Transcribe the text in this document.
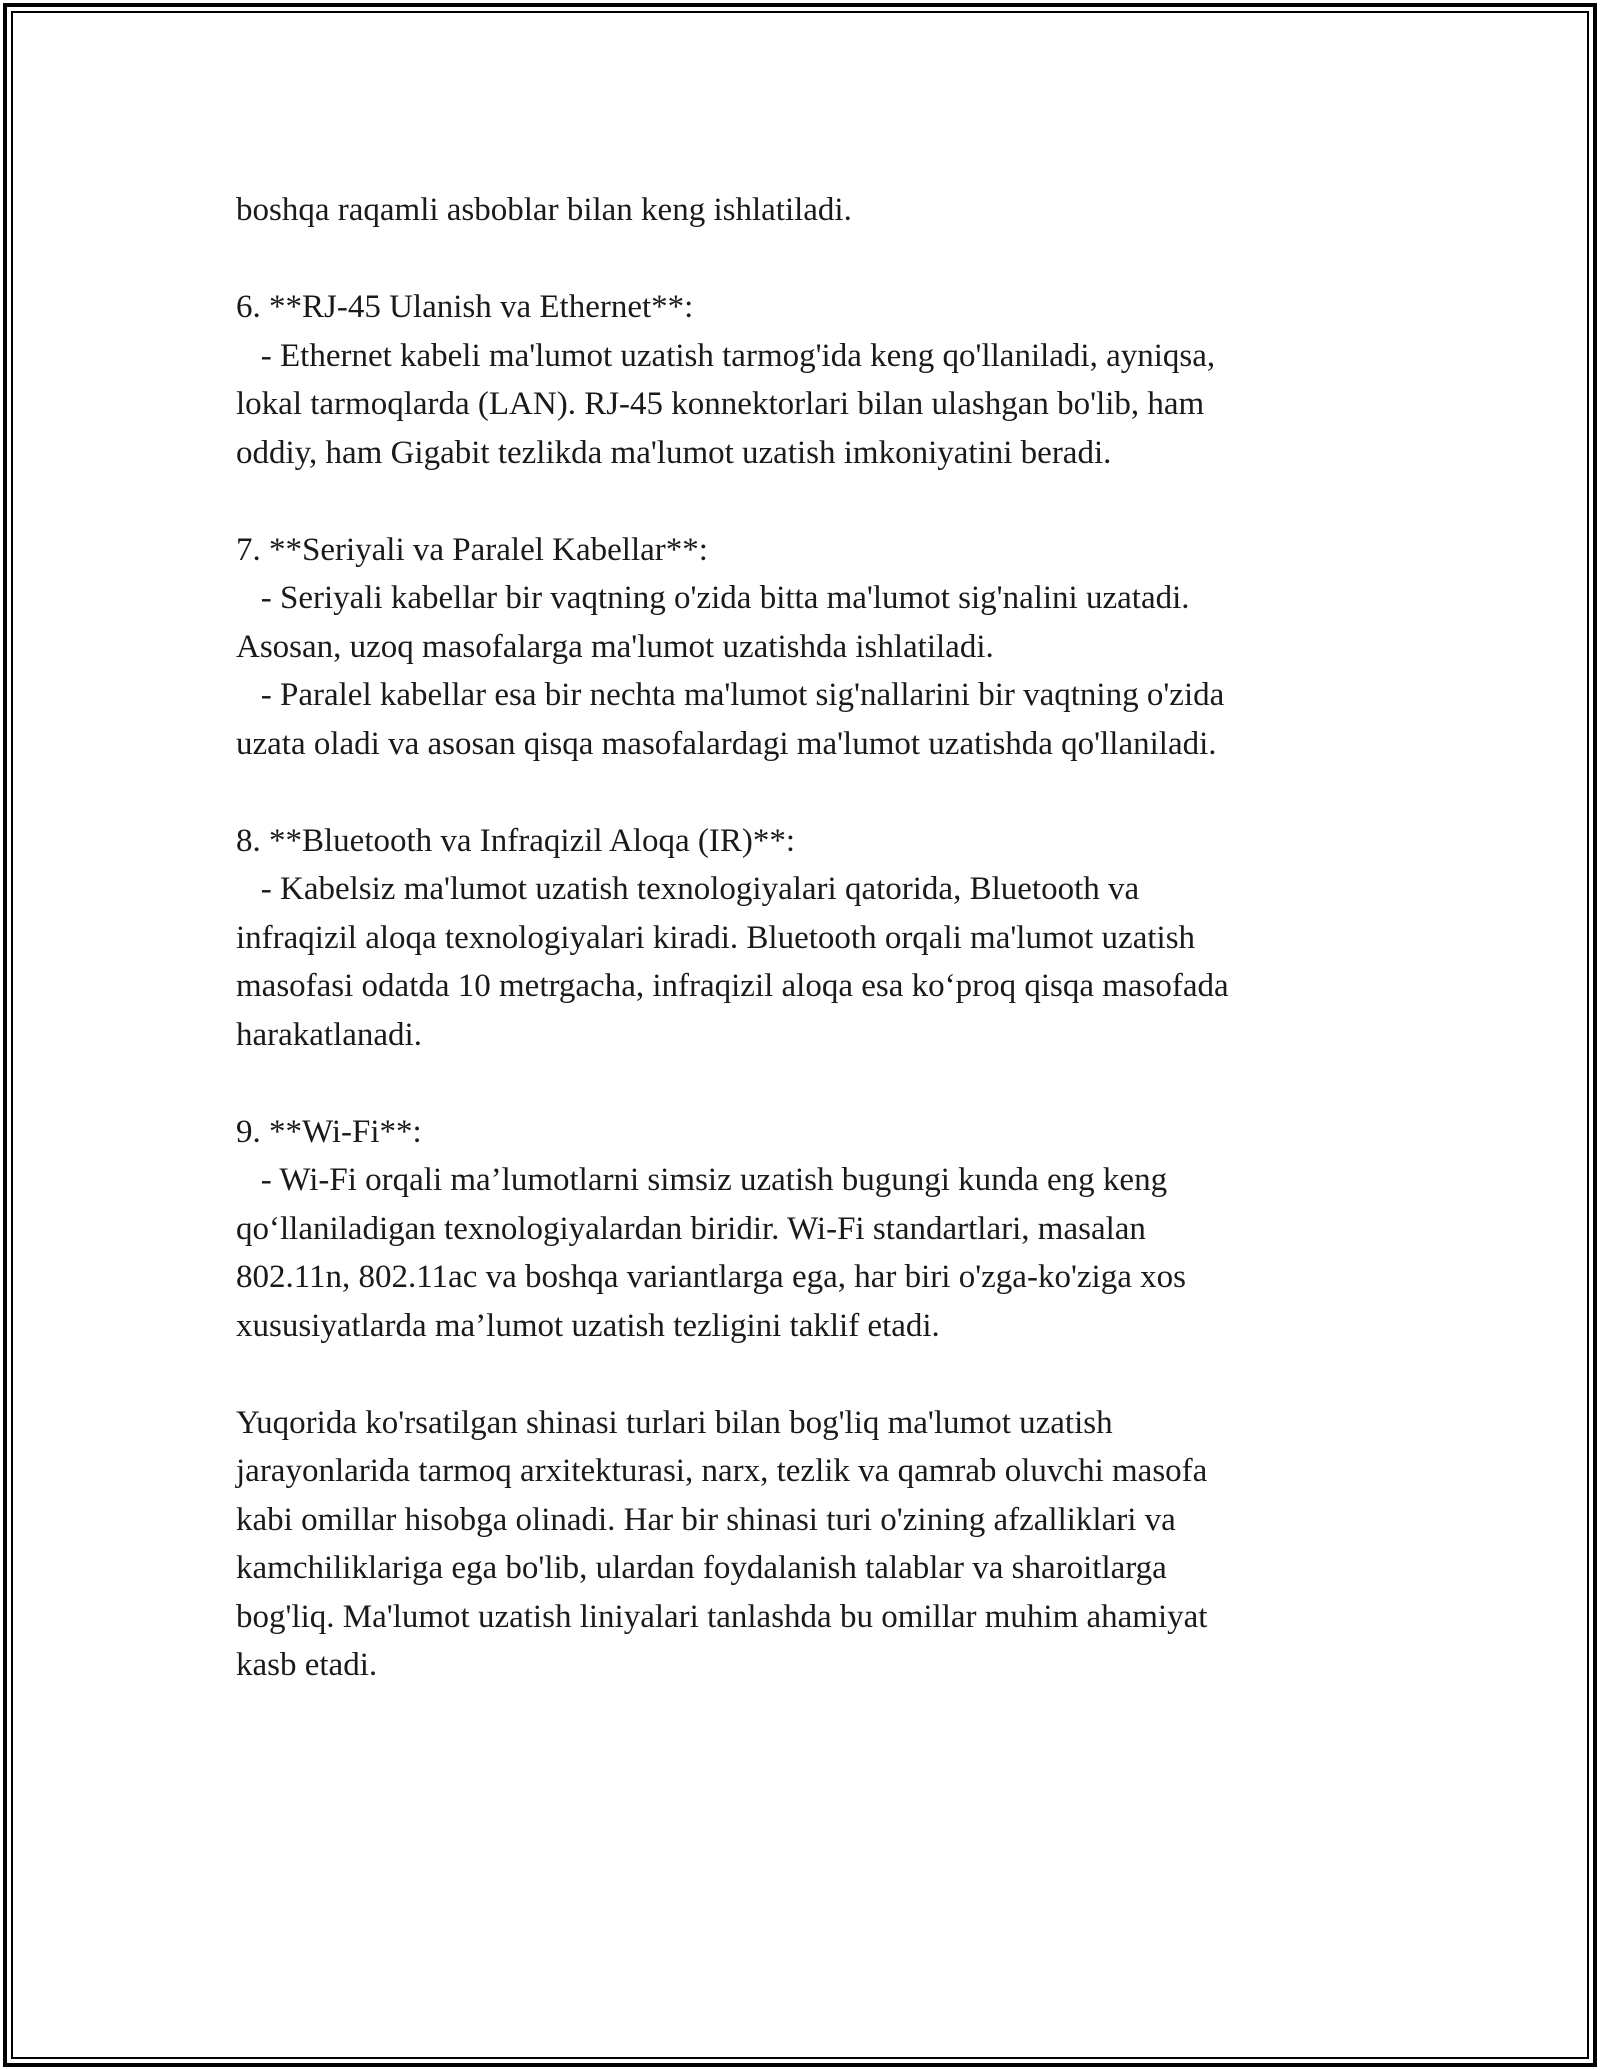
boshqa raqamli asboblar bilan keng ishlatiladi.
6. **RJ-45 Ulanish va Ethernet**:
- Ethernet kabeli ma'lumot uzatish tarmog'ida keng qo'llaniladi, ayniqsa,
lokal tarmoqlarda (LAN). RJ-45 konnektorlari bilan ulashgan bo'lib, ham
oddiy, ham Gigabit tezlikda ma'lumot uzatish imkoniyatini beradi.
7. **Seriyali va Paralel Kabellar**:
- Seriyali kabellar bir vaqtning o'zida bitta ma'lumot sig'nalini uzatadi.
Asosan, uzoq masofalarga ma'lumot uzatishda ishlatiladi.
- Paralel kabellar esa bir nechta ma'lumot sig'nallarini bir vaqtning o'zida
uzata oladi va asosan qisqa masofalardagi ma'lumot uzatishda qo'llaniladi.
8. **Bluetooth va Infraqizil Aloqa (IR)**:
- Kabelsiz ma'lumot uzatish texnologiyalari qatorida, Bluetooth va
infraqizil aloqa texnologiyalari kiradi. Bluetooth orqali ma'lumot uzatish
masofasi odatda 10 metrgacha, infraqizil aloqa esa ko‘proq qisqa masofada
harakatlanadi.
9. **Wi-Fi**:
- Wi-Fi orqali ma’lumotlarni simsiz uzatish bugungi kunda eng keng
qo‘llaniladigan texnologiyalardan biridir. Wi-Fi standartlari, masalan
802.11n, 802.11ac va boshqa variantlarga ega, har biri o'zga-ko'ziga xos
xususiyatlarda ma’lumot uzatish tezligini taklif etadi.
Yuqorida ko'rsatilgan shinasi turlari bilan bog'liq ma'lumot uzatish
jarayonlarida tarmoq arxitekturasi, narx, tezlik va qamrab oluvchi masofa
kabi omillar hisobga olinadi. Har bir shinasi turi o'zining afzalliklari va
kamchiliklariga ega bo'lib, ulardan foydalanish talablar va sharoitlarga
bog'liq. Ma'lumot uzatish liniyalari tanlashda bu omillar muhim ahamiyat
kasb etadi.
